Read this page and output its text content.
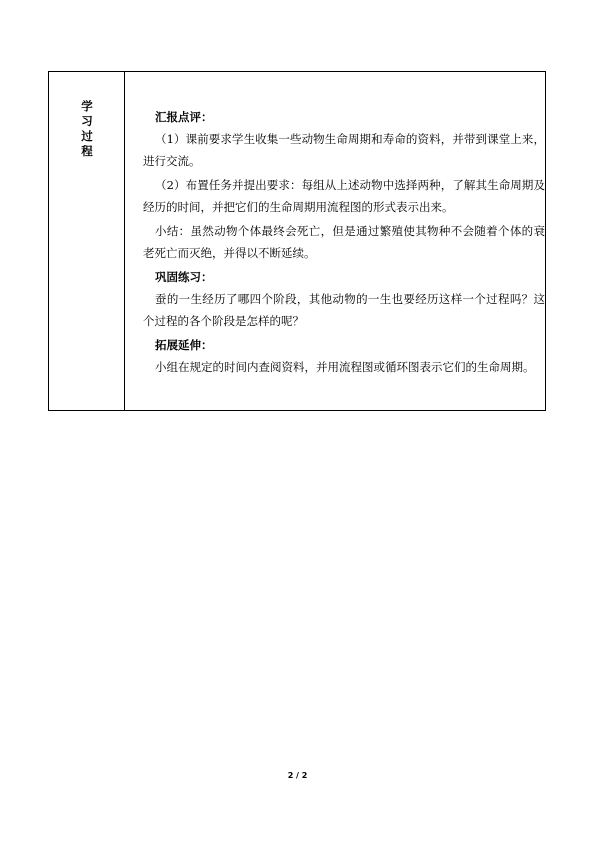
学
习
过
程

汇报点评：

（1）课前要求学生收集一些动物生命周期和寿命的资料，并带到课堂上来，进行交流。

（2）布置任务并提出要求：每组从上述动物中选择两种，了解其生命周期及经历的时间，并把它们的生命周期用流程图的形式表示出来。

小结：虽然动物个体最终会死亡，但是通过繁殖使其物种不会随着个体的衰老死亡而灭绝，并得以不断延续。

巩固练习：

蚕的一生经历了哪四个阶段，其他动物的一生也要经历这样一个过程吗？这个过程的各个阶段是怎样的呢？

拓展延伸：

小组在规定的时间内查阅资料，并用流程图或循环图表示它们的生命周期。

2 / 2
